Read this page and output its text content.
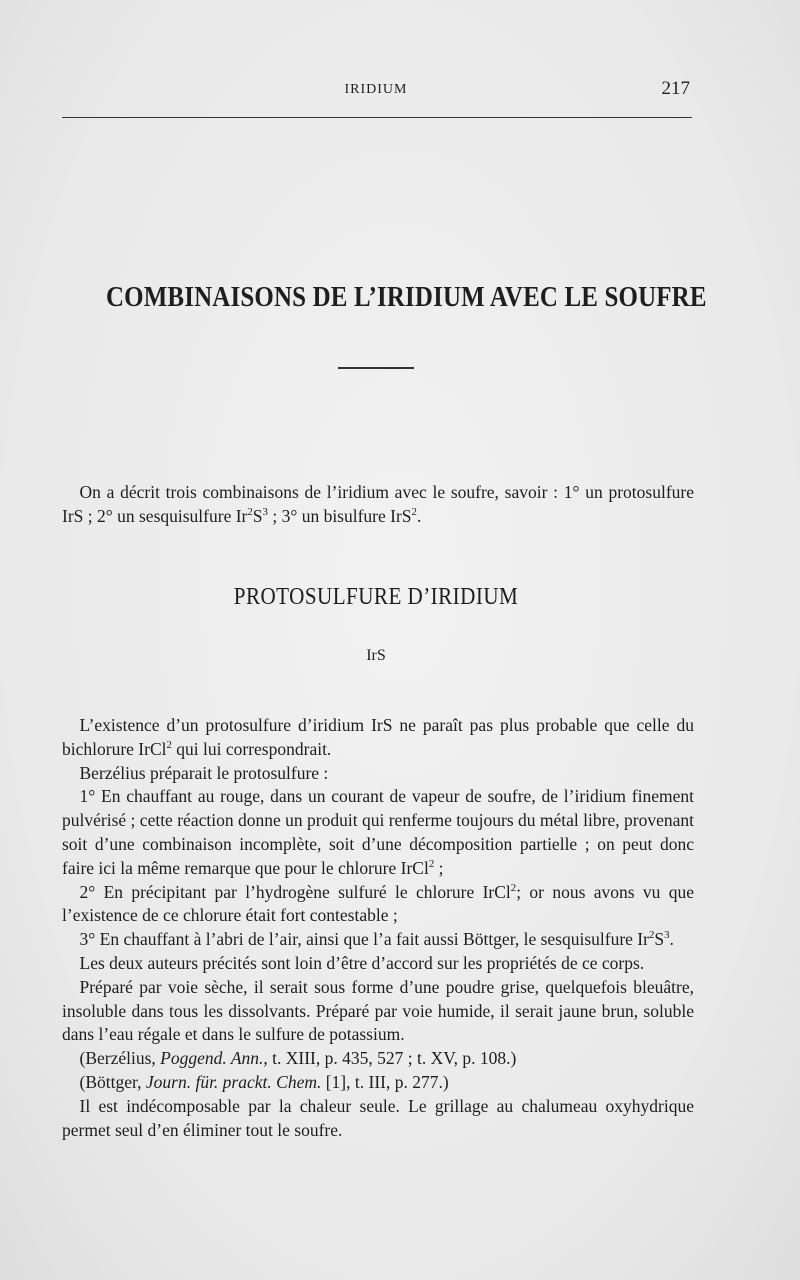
IRIDIUM	217
COMBINAISONS DE L’IRIDIUM AVEC LE SOUFRE

 On a décrit trois combinaisons de l’iridium avec le soufre, savoir : 1° un protosulfure IrS ; 2° un sesquisulfure $Ir^2S^3$ ; 3° un bisulfure IrS$^2$.

PROTOSULFURE D’IRIDIUM
IrS

 L’existence d’un protosulfure d’iridium IrS ne paraît pas plus probable que celle du bichlorure IrCl$^2$ qui lui correspondrait.

 Berzélius préparait le protosulfure :

 1° En chauffant au rouge, dans un courant de vapeur de soufre, de l’iridium finement pulvérisé ; cette réaction donne un produit qui renferme toujours du métal libre, provenant soit d’une combinaison incomplète, soit d’une décomposition partielle ; on peut donc faire ici la même remarque que pour le chlorure IrCl$^2$ ;

 2° En précipitant par l’hydrogène sulfuré le chlorure IrCl$^2$; or nous avons vu que l’existence de ce chlorure était fort contestable ;

 3° En chauffant à l’abri de l’air, ainsi que l’a fait aussi Böttger, le sesquisulfure $Ir^2S^3$.

 Les deux auteurs précités sont loin d’être d’accord sur les propriétés de ce corps.

 Préparé par voie sèche, il serait sous forme d’une poudre grise, quelquefois bleuâtre, insoluble dans tous les dissolvants. Préparé par voie humide, il serait jaune brun, soluble dans l’eau régale et dans le sulfure de potassium.

 (Berzélius, Poggend. Ann., t. XIII, p. 435, 527 ; t. XV, p. 108.)

 (Böttger, Journ. für. prackt. Chem. [1], t. III, p. 277.)

 Il est indécomposable par la chaleur seule. Le grillage au chalumeau oxyhydrique permet seul d’en éliminer tout le soufre.
